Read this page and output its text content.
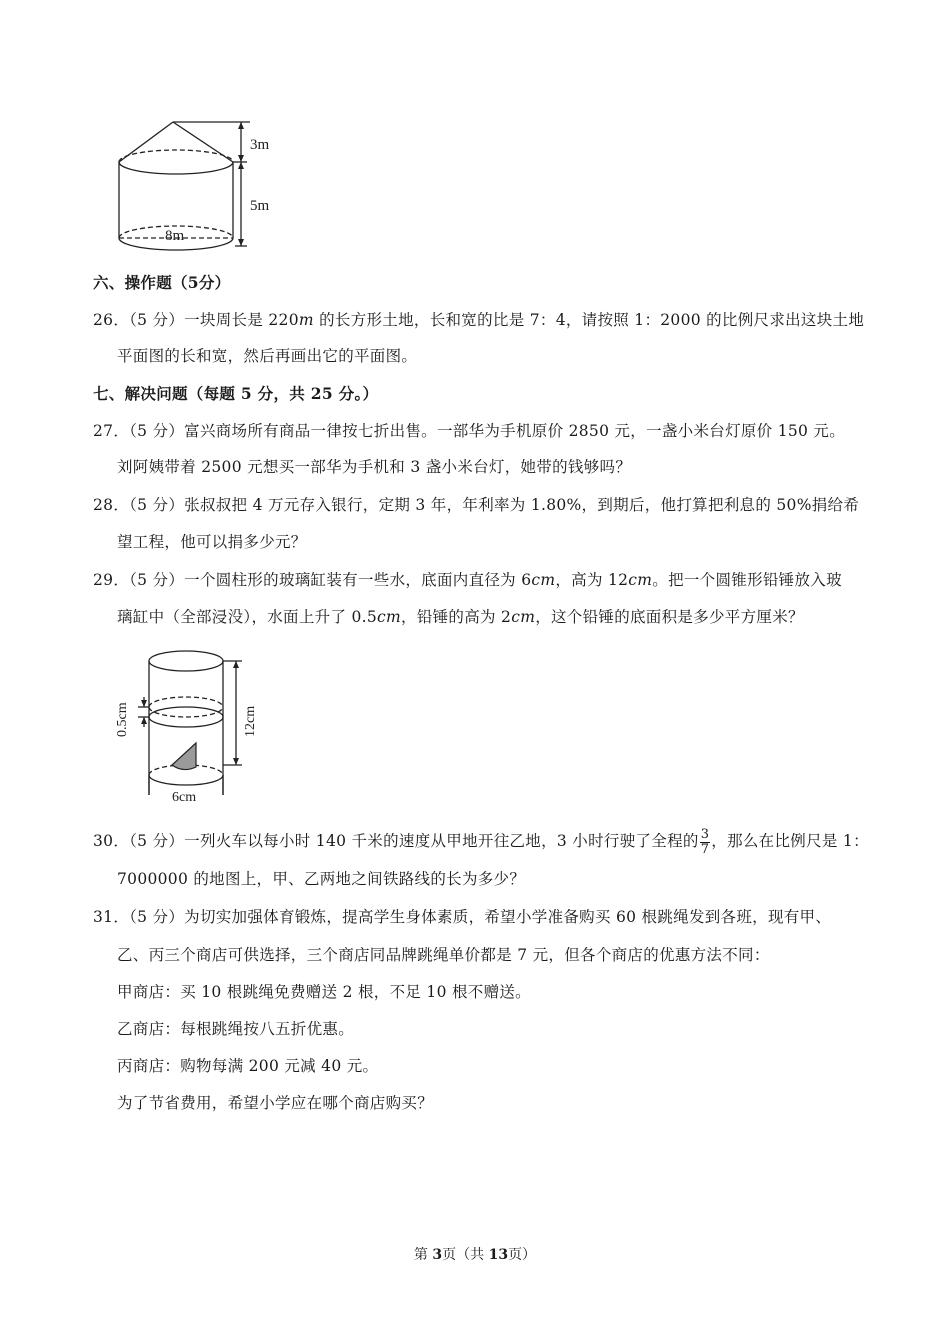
3m
5m
8m
六、操作题（5分）
26．（5 分）一块周长是 220m 的长方形土地，长和宽的比是 7：4，请按照 1：2000 的比例尺求出这块土地
平面图的长和宽，然后再画出它的平面图。
七、解决问题（每题 5 分，共 25 分。）
27．（5 分）富兴商场所有商品一律按七折出售。一部华为手机原价 2850 元，一盏小米台灯原价 150 元。
刘阿姨带着 2500 元想买一部华为手机和 3 盏小米台灯，她带的钱够吗？
28．（5 分）张叔叔把 4 万元存入银行，定期 3 年，年利率为 1.80%，到期后，他打算把利息的 50%捐给希
望工程，他可以捐多少元？
29．（5 分）一个圆柱形的玻璃缸装有一些水，底面内直径为 6cm，高为 12cm。把一个圆锥形铅锤放入玻
璃缸中（全部浸没），水面上升了 0.5cm，铅锤的高为 2cm，这个铅锤的底面积是多少平方厘米？
0.5cm	12cm
6cm
30．（5 分）一列火车以每小时 140 千米的速度从甲地开往乙地，3 小时行驶了全程的 $\frac{3}{7}$ ，那么在比例尺是 1：
7000000 的地图上，甲、乙两地之间铁路线的长为多少？
31．（5 分）为切实加强体育锻炼，提高学生身体素质，希望小学准备购买 60 根跳绳发到各班，现有甲、
乙、丙三个商店可供选择，三个商店同品牌跳绳单价都是 7 元，但各个商店的优惠方法不同：
甲商店：买 10 根跳绳免费赠送 2 根，不足 10 根不赠送。
乙商店：每根跳绳按八五折优惠。
丙商店：购物每满 200 元减 40 元。
为了节省费用，希望小学应在哪个商店购买？
第 3页（共 13页）
